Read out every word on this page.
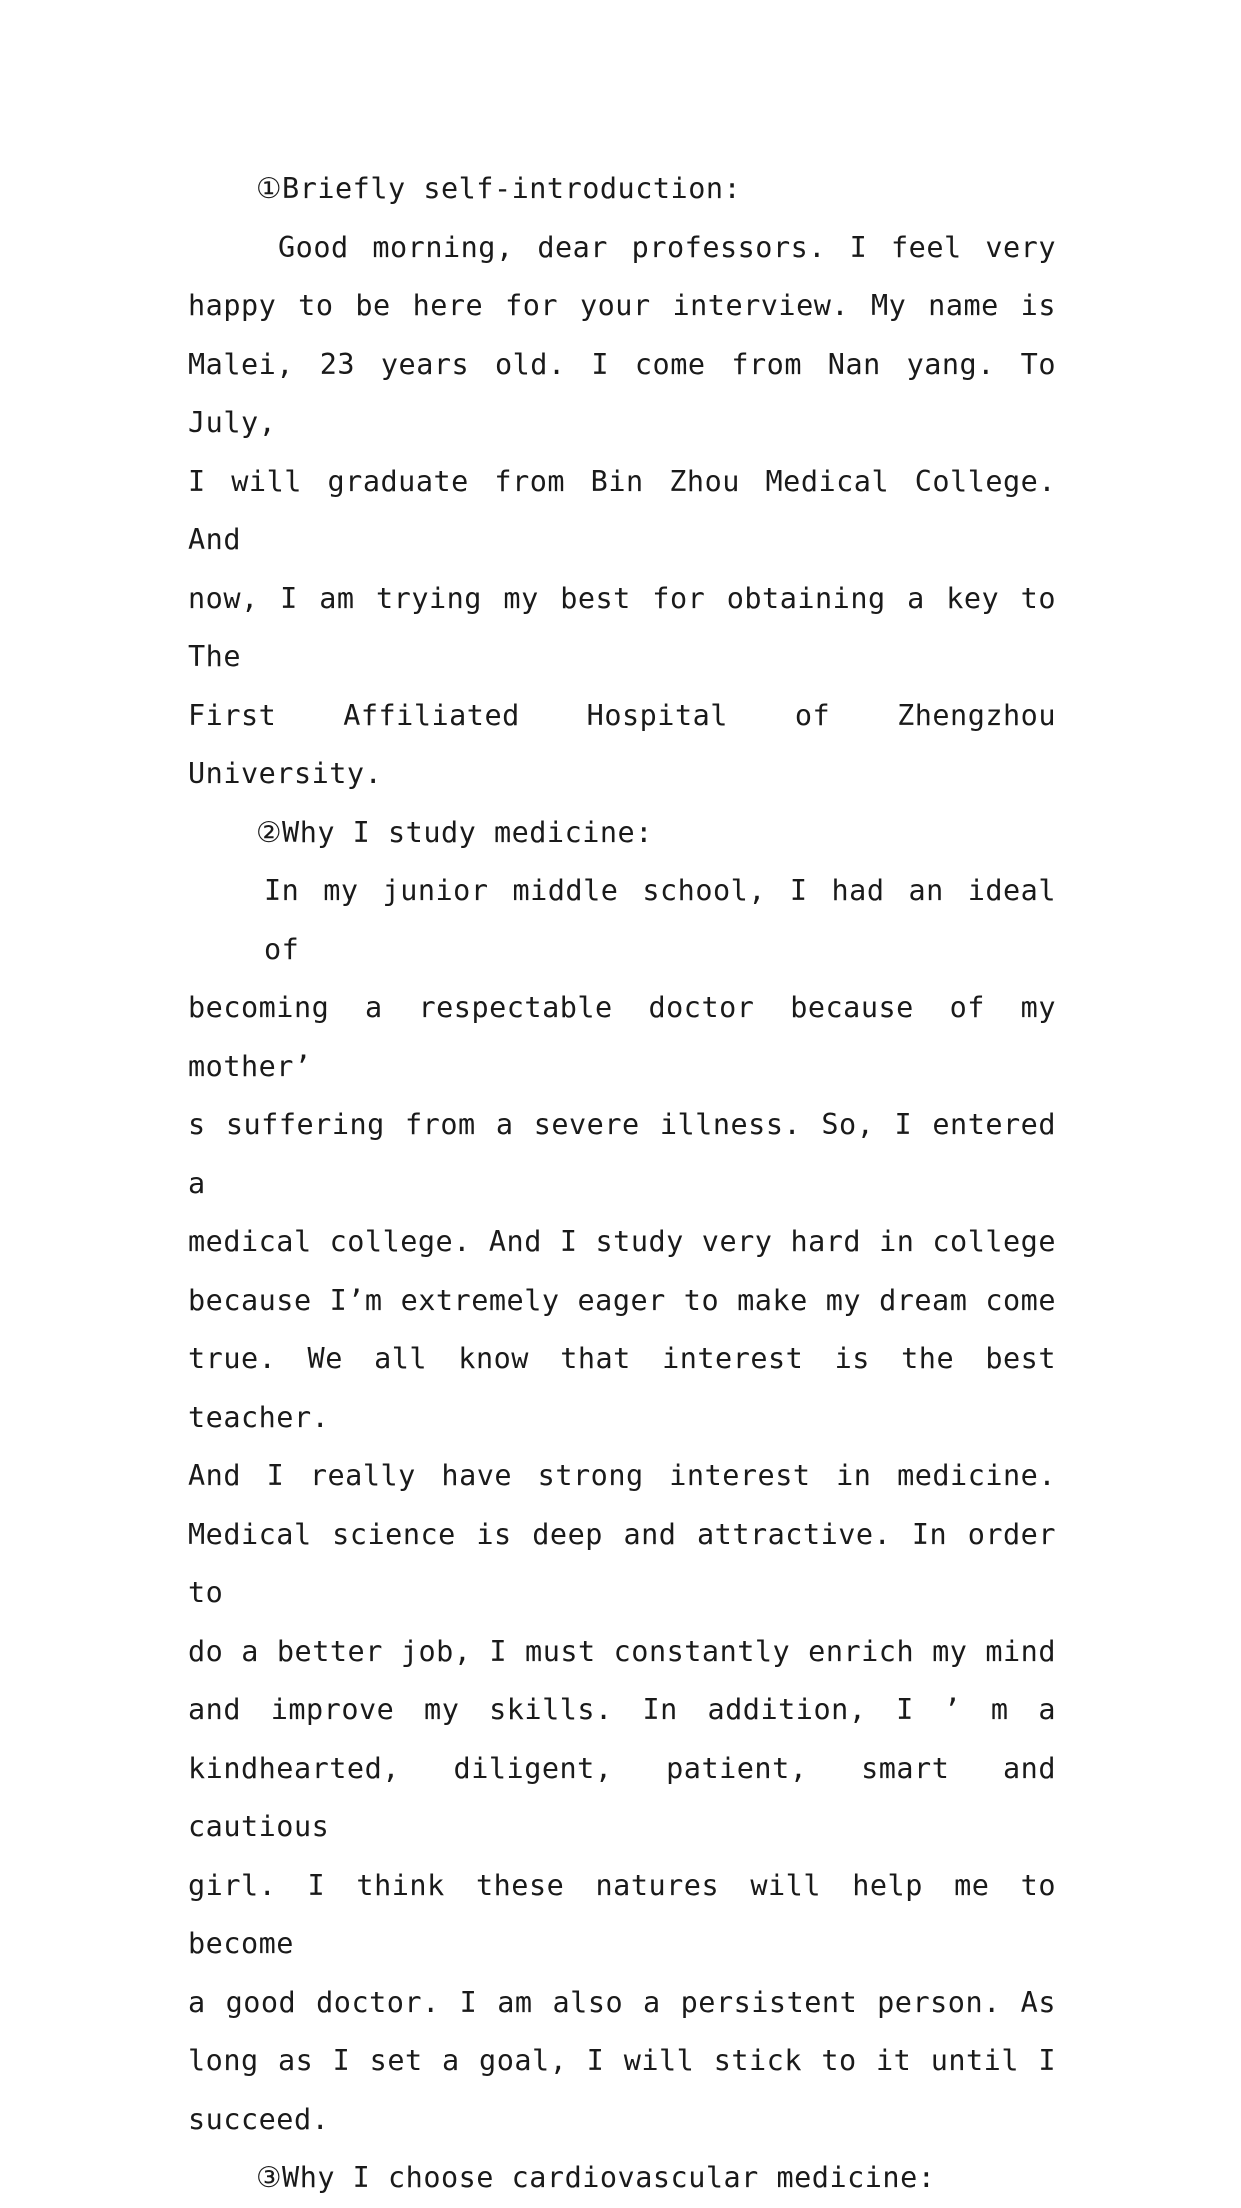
①Briefly self-introduction:

Good morning, dear professors. I feel very
happy to be here for your interview. My name is
Malei, 23 years old. I come from Nan yang. To July,
I will graduate from Bin Zhou Medical College. And
now, I am trying my best for obtaining a key to The
First Affiliated Hospital of Zhengzhou University.

②Why I study medicine:

In my junior middle school, I had an ideal of
becoming a respectable doctor because of my mother’
s suffering from a severe illness. So, I entered a
medical college. And I study very hard in college
because I’m extremely eager to make my dream come
true. We all know that interest is the best teacher.
And I really have strong interest in medicine.
Medical science is deep and attractive. In order to
do a better job, I must constantly enrich my mind
and improve my skills. In addition, I ’ m a
kindhearted, diligent, patient, smart and cautious
girl. I think these natures will help me to become
a good doctor. I am also a persistent person. As
long as I set a goal, I will stick to it until I
succeed.

③Why I choose cardiovascular medicine:
